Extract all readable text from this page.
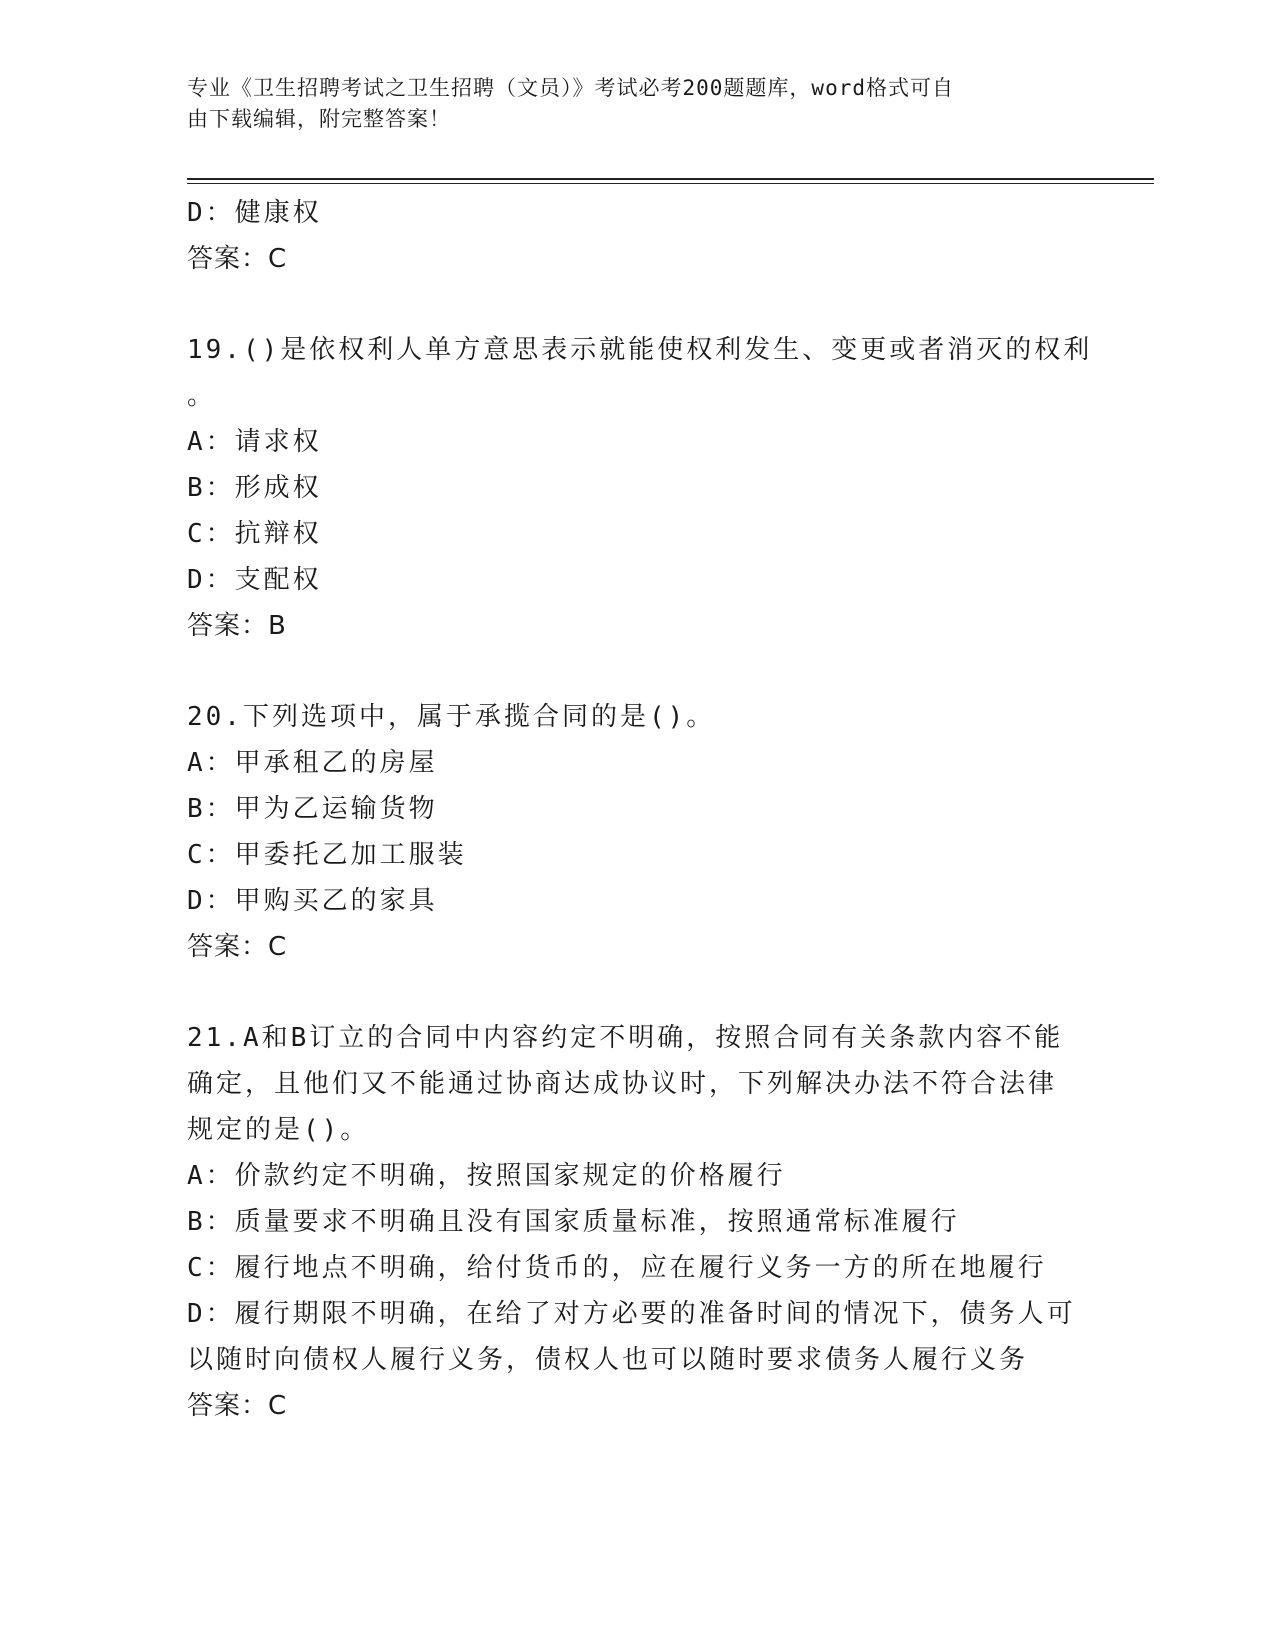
专业《卫生招聘考试之卫生招聘（文员）》考试必考200题题库，word格式可自
由下载编辑，附完整答案！
D：健康权
答案：C
19.()是依权利人单方意思表示就能使权利发生、变更或者消灭的权利
。
A：请求权
B：形成权
C：抗辩权
D：支配权
答案：B
20.下列选项中，属于承揽合同的是()。
A：甲承租乙的房屋
B：甲为乙运输货物
C：甲委托乙加工服装
D：甲购买乙的家具
答案：C
21.A和B订立的合同中内容约定不明确，按照合同有关条款内容不能
确定，且他们又不能通过协商达成协议时，下列解决办法不符合法律
规定的是()。
A：价款约定不明确，按照国家规定的价格履行
B：质量要求不明确且没有国家质量标准，按照通常标准履行
C：履行地点不明确，给付货币的，应在履行义务一方的所在地履行
D：履行期限不明确，在给了对方必要的准备时间的情况下，债务人可
以随时向债权人履行义务，债权人也可以随时要求债务人履行义务
答案：C
